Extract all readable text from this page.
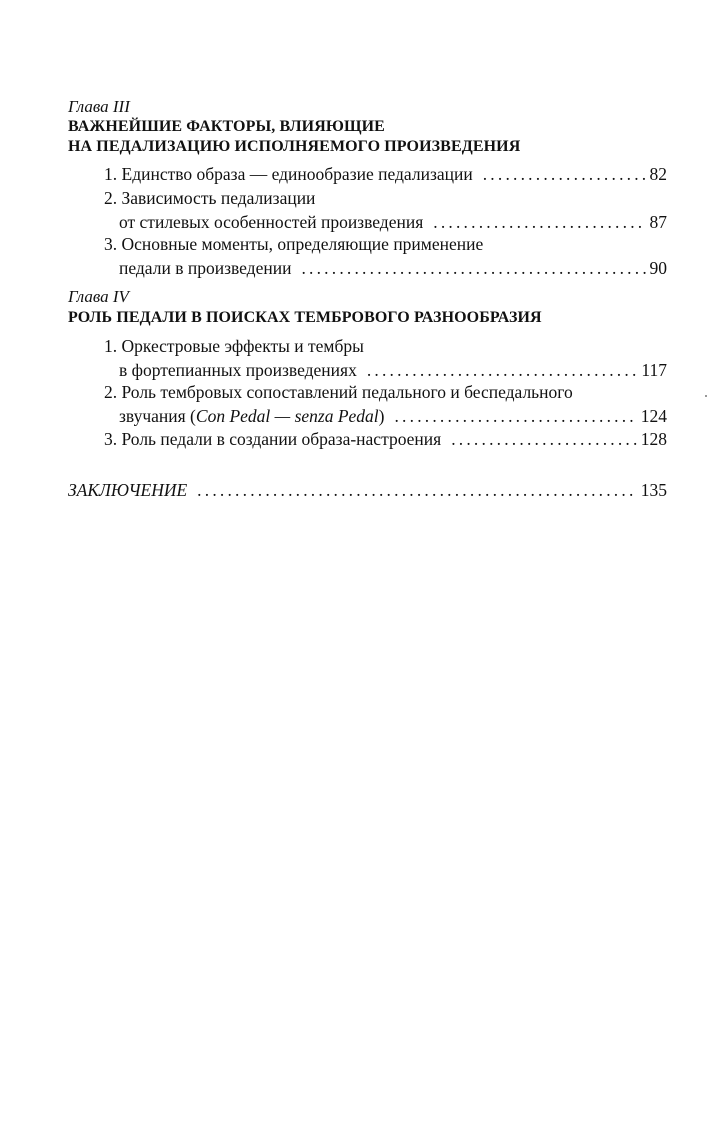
Глава III
ВАЖНЕЙШИЕ ФАКТОРЫ, ВЛИЯЮЩИЕ
НА ПЕДАЛИЗАЦИЮ ИСПОЛНЯЕМОГО ПРОИЗВЕДЕНИЯ
1. Единство образа — единообразие педализации .....	82
2. Зависимость педализации
от стилевых особенностей произведения .....	87
3. Основные моменты, определяющие применение
педали в произведении .....	90
Глава IV
РОЛЬ ПЕДАЛИ В ПОИСКАХ ТЕМБРОВОГО РАЗНООБРАЗИЯ
1. Оркестровые эффекты и тембры
в фортепианных произведениях .....	117
2. Роль тембровых сопоставлений педального и беспедального
звучания (Con Pedal — senza Pedal) .....	124
3. Роль педали в создании образа-настроения .....	128
ЗАКЛЮЧЕНИЕ .....	135
